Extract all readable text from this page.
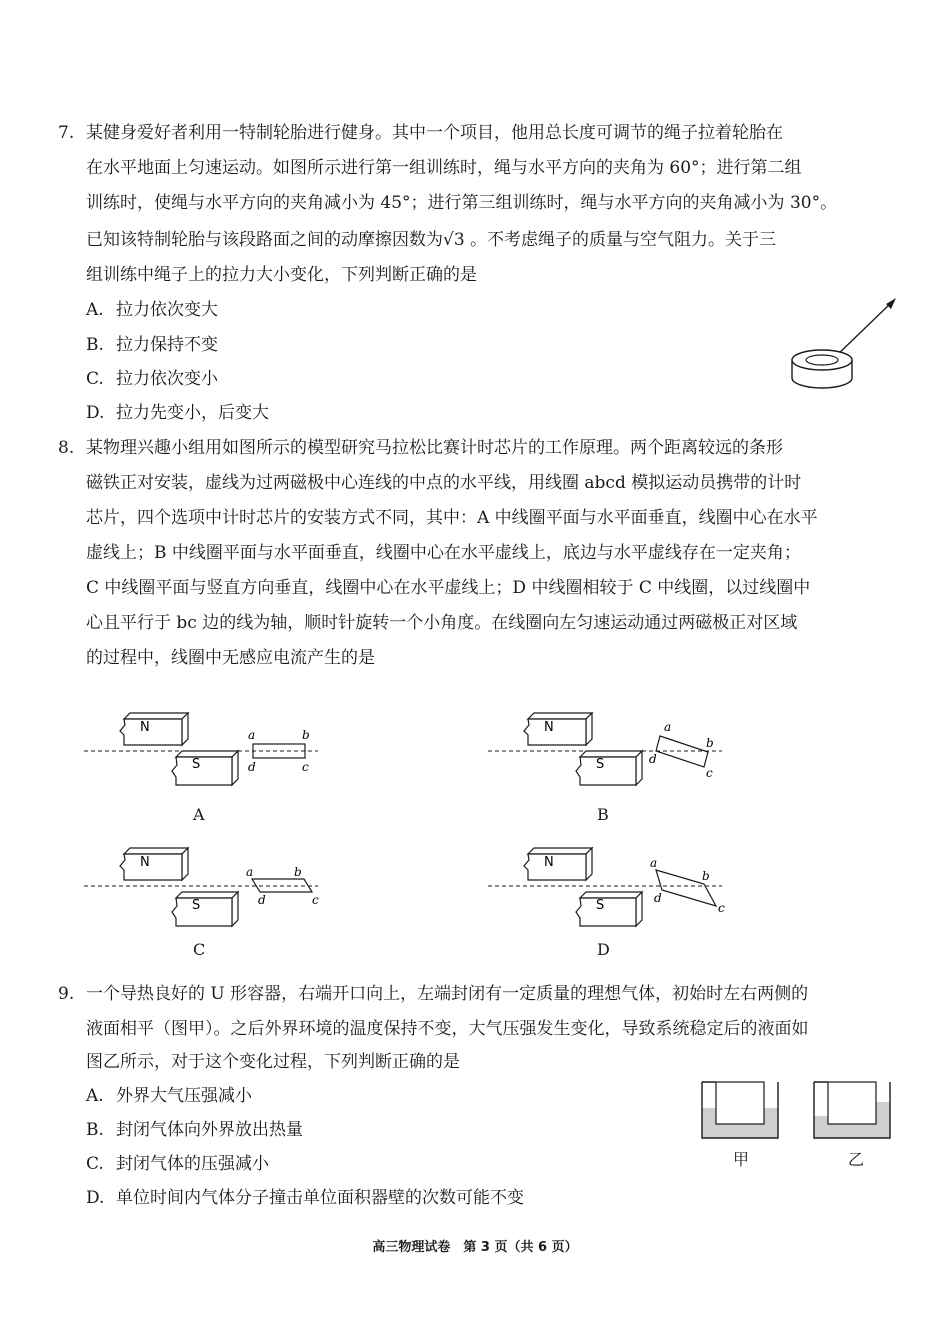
7. 某健身爱好者利用一特制轮胎进行健身。其中一个项目，他用总长度可调节的绳子拉着轮胎在
在水平地面上匀速运动。如图所示进行第一组训练时，绳与水平方向的夹角为 60°；进行第二组
训练时，使绳与水平方向的夹角减小为 45°；进行第三组训练时，绳与水平方向的夹角减小为 30°。
已知该特制轮胎与该段路面之间的动摩擦因数为√3 。不考虑绳子的质量与空气阻力。关于三
组训练中绳子上的拉力大小变化，下列判断正确的是
A. 拉力依次变大
B. 拉力保持不变
C. 拉力依次变小
D. 拉力先变小，后变大
8. 某物理兴趣小组用如图所示的模型研究马拉松比赛计时芯片的工作原理。两个距离较远的条形
磁铁正对安装，虚线为过两磁极中心连线的中点的水平线，用线圈 abcd 模拟运动员携带的计时
芯片，四个选项中计时芯片的安装方式不同，其中：A 中线圈平面与水平面垂直，线圈中心在水平
虚线上；B 中线圈平面与水平面垂直，线圈中心在水平虚线上，底边与水平虚线存在一定夹角；
C 中线圈平面与竖直方向垂直，线圈中心在水平虚线上；D 中线圈相较于 C 中线圈，以过线圈中
心且平行于 bc 边的线为轴，顺时针旋转一个小角度。在线圈向左匀速运动通过两磁极正对区域
的过程中，线圈中无感应电流产生的是
N
S
a	b
c
d
A
N
S
a
b
c
d
B
N
S
a	b
c
d
C
N
S
a
b
c
d
D
9. 一个导热良好的 U 形容器，右端开口向上，左端封闭有一定质量的理想气体，初始时左右两侧的
液面相平（图甲）。之后外界环境的温度保持不变，大气压强发生变化，导致系统稳定后的液面如
图乙所示，对于这个变化过程，下列判断正确的是
A. 外界大气压强减小
B. 封闭气体向外界放出热量
C. 封闭气体的压强减小
D. 单位时间内气体分子撞击单位面积器壁的次数可能不变
甲	乙
高三物理试卷　第 3 页（共 6 页）
